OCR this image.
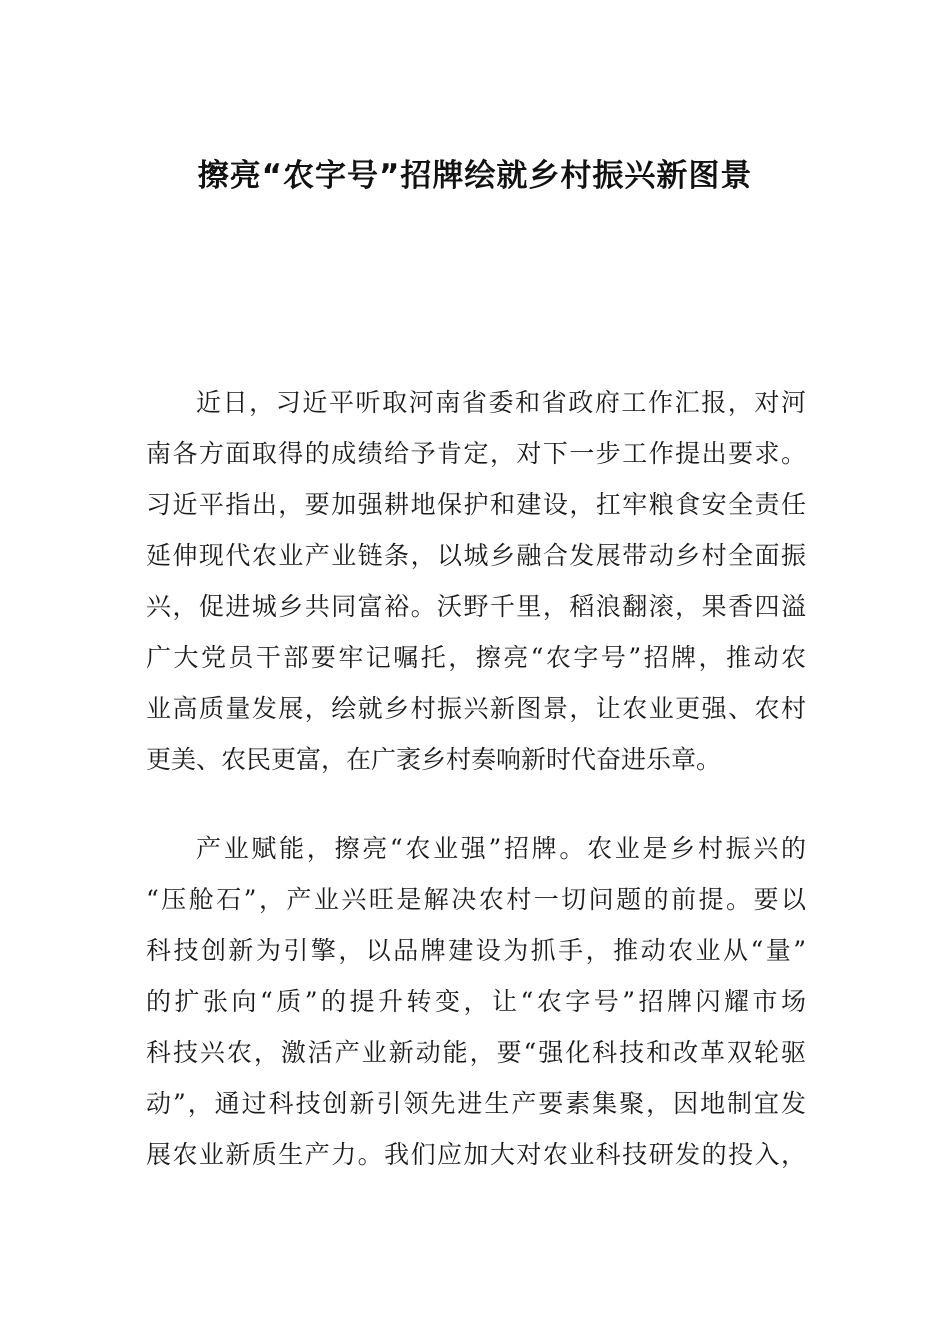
擦亮“农字号”招牌绘就乡村振兴新图景
近日，习近平听取河南省委和省政府工作汇报，对河
南各方面取得的成绩给予肯定，对下一步工作提出要求。
习近平指出，要加强耕地保护和建设，扛牢粮食安全责任
延伸现代农业产业链条，以城乡融合发展带动乡村全面振
兴，促进城乡共同富裕。沃野千里，稻浪翻滚，果香四溢
广大党员干部要牢记嘱托，擦亮“农字号”招牌，推动农
业高质量发展，绘就乡村振兴新图景，让农业更强、农村
更美、农民更富，在广袤乡村奏响新时代奋进乐章。
产业赋能，擦亮“农业强”招牌。农业是乡村振兴的
“压舱石”，产业兴旺是解决农村一切问题的前提。要以
科技创新为引擎，以品牌建设为抓手，推动农业从“量”
的扩张向“质”的提升转变，让“农字号”招牌闪耀市场
科技兴农，激活产业新动能，要“强化科技和改革双轮驱
动”，通过科技创新引领先进生产要素集聚，因地制宜发
展农业新质生产力。我们应加大对农业科技研发的投入，
